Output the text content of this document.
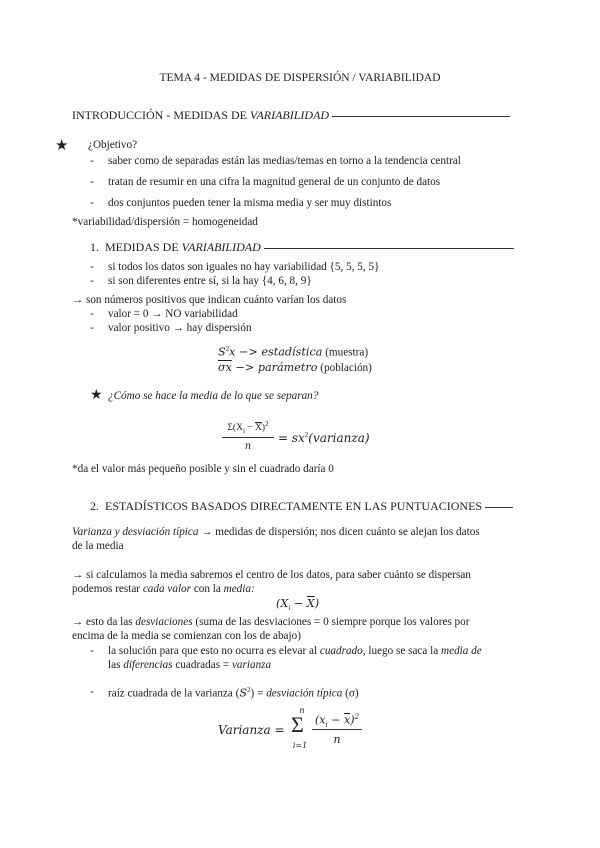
TEMA 4 - MEDIDAS DE DISPERSIÓN / VARIABILIDAD
INTRODUCCIÓN - MEDIDAS DE VARIABILIDAD
★ ¿Objetivo?
- saber como de separadas están las medias/temas en torno a la tendencia central
- tratan de resumir en una cifra la magnitud general de un conjunto de datos
- dos conjuntos pueden tener la misma media y ser muy distintos
*variabilidad/dispersión = homogeneidad
1. MEDIDAS DE VARIABILIDAD
- si todos los datos son iguales no hay variabilidad {5, 5, 5, 5}
- si son diferentes entre sí, si la hay {4, 6, 8, 9}
→ son números positivos que indican cuánto varían los datos
- valor = 0 → NO variabilidad
- valor positivo → hay dispersión
$S^2x$ −> estadística (muestra)
$\overline{\sigma x}$ −> parámetro (población)
★ ¿Cómo se hace la media de lo que se separan?
$\Sigma(X_i - \overline{X})^2$
n
= $sx^2(varianza)$
*da el valor más pequeño posible y sin el cuadrado daría 0
2. ESTADÍSTICOS BASADOS DIRECTAMENTE EN LAS PUNTUACIONES
Varianza y desviación típica → medidas de dispersión; nos dicen cuánto se alejan los datos
de la media
→ si calculamos la media sabremos el centro de los datos, para saber cuánto se dispersan
podemos restar cada valor con la media:
$(X_i - \overline{X})$
→ esto da las desviaciones (suma de las desviaciones = 0 siempre porque los valores por
encima de la media se comienzan con los de abajo)
- la solución para que esto no ocurra es elevar al cuadrado, luego se saca la media de
las diferencias cuadradas = varianza
- raíz cuadrada de la varianza $(S^2)$ = desviación típica (σ)
Varianza =
n
Σ
i=1
$(x_i - \overline{x})^2$
n
